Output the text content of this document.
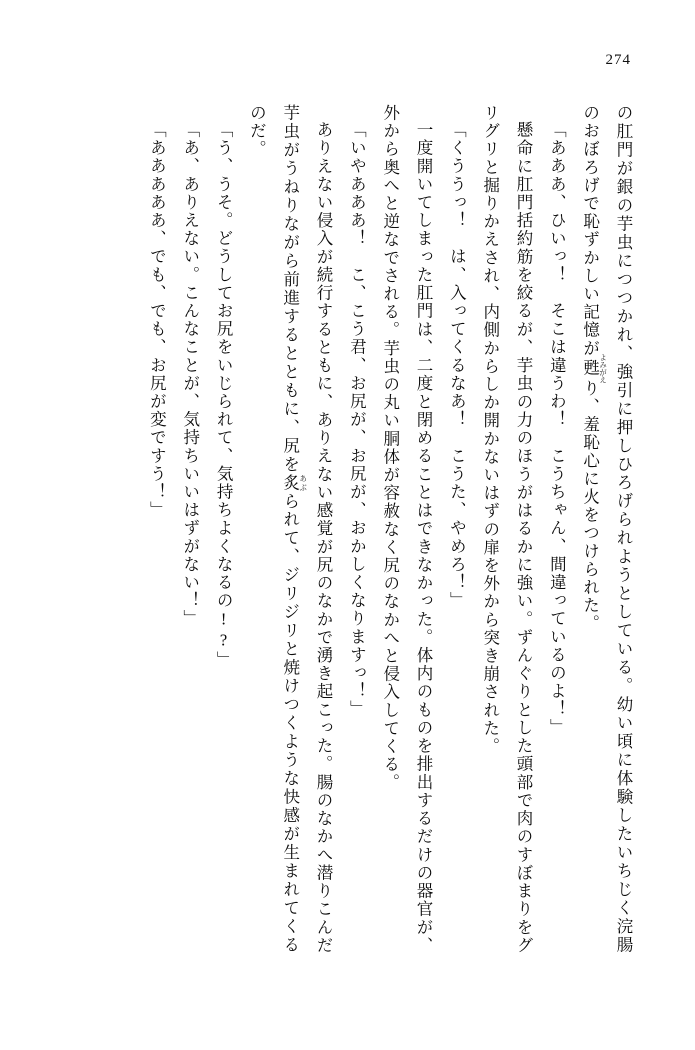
274

の肛門が銀の芋虫につつかれ、強引に押しひろげられようとしている。幼い頃に体験したいちじく浣腸のおぼろげで恥ずかしい記憶が甦 よみがえり、羞恥心に火をつけられた。

「あああ、ひいっ！　そこは違うわ！　こうちゃん、間違っているのよ！」

懸命に肛門括約筋を絞るが、芋虫の力のほうがはるかに強い。ずんぐりとした頭部で肉のすぼまりをグリグリと掘りかえされ、内側からしか開かないはずの扉を外から突き崩された。

「くううっ！　は、入ってくるなあ！　こうた、やめろ！」

一度開いてしまった肛門は、二度と閉めることはできなかった。体内のものを排出するだけの器官が、外から奥へと逆なでされる。芋虫の丸い胴体が容赦なく尻のなかへと侵入してくる。

「いやあああ！　こ、こう君、お尻が、お尻が、おかしくなりますっ！」

ありえない侵入が続行するともに、ありえない感覚が尻のなかで湧き起こった。腸のなかへ潜りこんだ芋虫がうねりながら前進するとともに、尻を炙 あぶられて、ジリジリと焼けつくような快感が生まれてくるのだ。

「う、うそ。どうしてお尻をいじられて、気持ちよくなるの!?」

「あ、ありえない。こんなことが、気持ちいいはずがない！」

「あああああ、でも、でも、お尻が変ですう！」
